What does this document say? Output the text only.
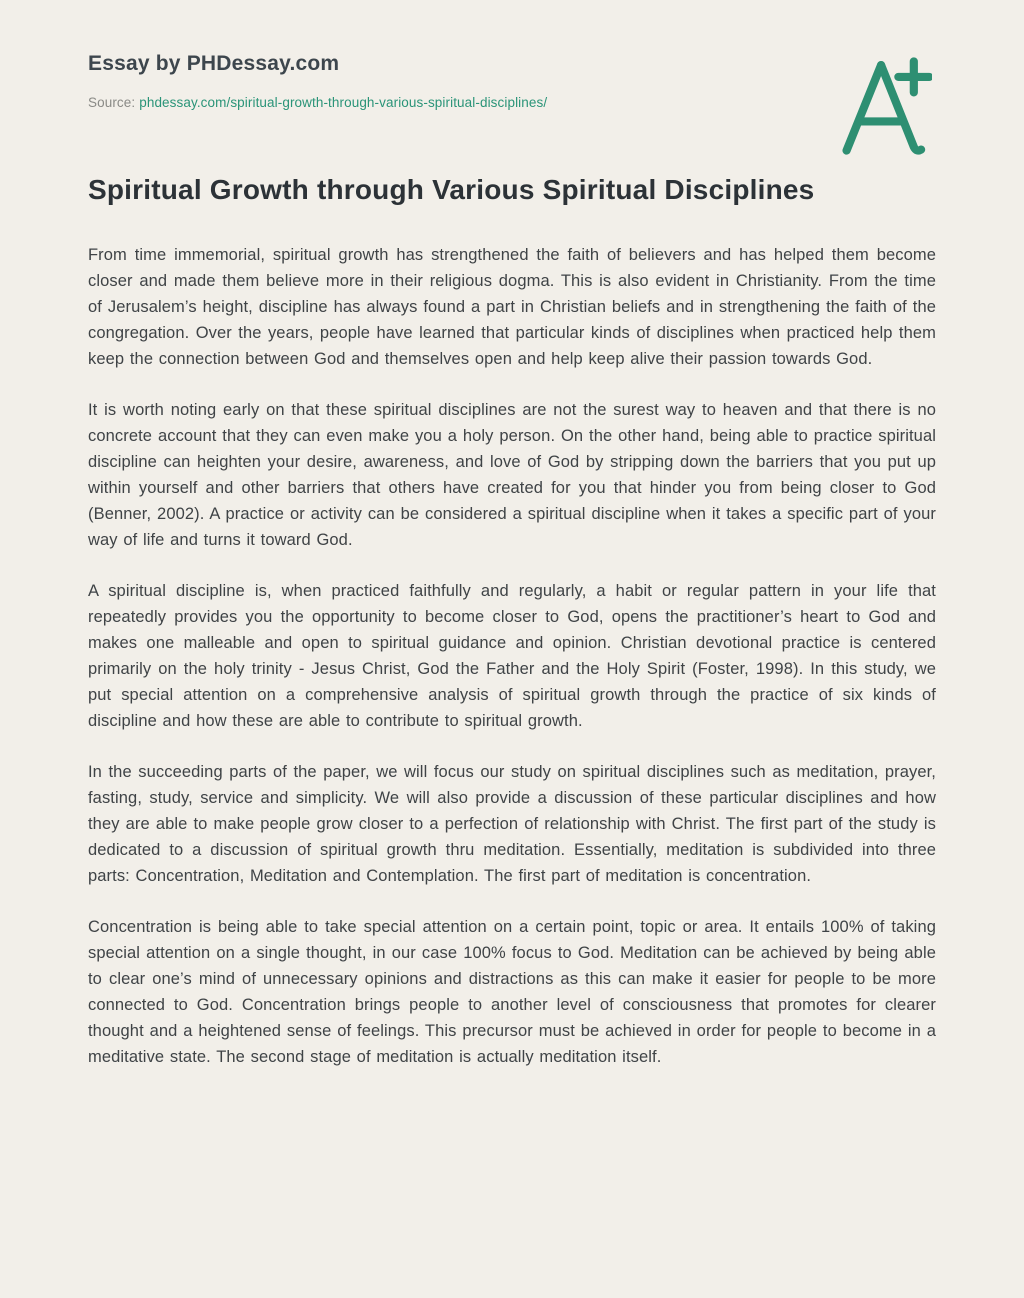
Essay by PHDessay.com
Source: phdessay.com/spiritual-growth-through-various-spiritual-disciplines/
Spiritual Growth through Various Spiritual Disciplines

From time immemorial, spiritual growth has strengthened the faith of believers and has helped them become closer and made them believe more in their religious dogma. This is also evident in Christianity. From the time of Jerusalem’s height, discipline has always found a part in Christian beliefs and in strengthening the faith of the congregation. Over the years, people have learned that particular kinds of disciplines when practiced help them keep the connection between God and themselves open and help keep alive their passion towards God.

It is worth noting early on that these spiritual disciplines are not the surest way to heaven and that there is no concrete account that they can even make you a holy person. On the other hand, being able to practice spiritual discipline can heighten your desire, awareness, and love of God by stripping down the barriers that you put up within yourself and other barriers that others have created for you that hinder you from being closer to God (Benner, 2002). A practice or activity can be considered a spiritual discipline when it takes a specific part of your way of life and turns it toward God.

A spiritual discipline is, when practiced faithfully and regularly, a habit or regular pattern in your life that repeatedly provides you the opportunity to become closer to God, opens the practitioner’s heart to God and makes one malleable and open to spiritual guidance and opinion. Christian devotional practice is centered primarily on the holy trinity - Jesus Christ, God the Father and the Holy Spirit (Foster, 1998). In this study, we put special attention on a comprehensive analysis of spiritual growth through the practice of six kinds of discipline and how these are able to contribute to spiritual growth.

In the succeeding parts of the paper, we will focus our study on spiritual disciplines such as meditation, prayer, fasting, study, service and simplicity. We will also provide a discussion of these particular disciplines and how they are able to make people grow closer to a perfection of relationship with Christ. The first part of the study is dedicated to a discussion of spiritual growth thru meditation. Essentially, meditation is subdivided into three parts: Concentration, Meditation and Contemplation. The first part of meditation is concentration.

Concentration is being able to take special attention on a certain point, topic or area. It entails 100% of taking special attention on a single thought, in our case 100% focus to God. Meditation can be achieved by being able to clear one’s mind of unnecessary opinions and distractions as this can make it easier for people to be more connected to God. Concentration brings people to another level of consciousness that promotes for clearer thought and a heightened sense of feelings. This precursor must be achieved in order for people to become in a meditative state. The second stage of meditation is actually meditation itself.
